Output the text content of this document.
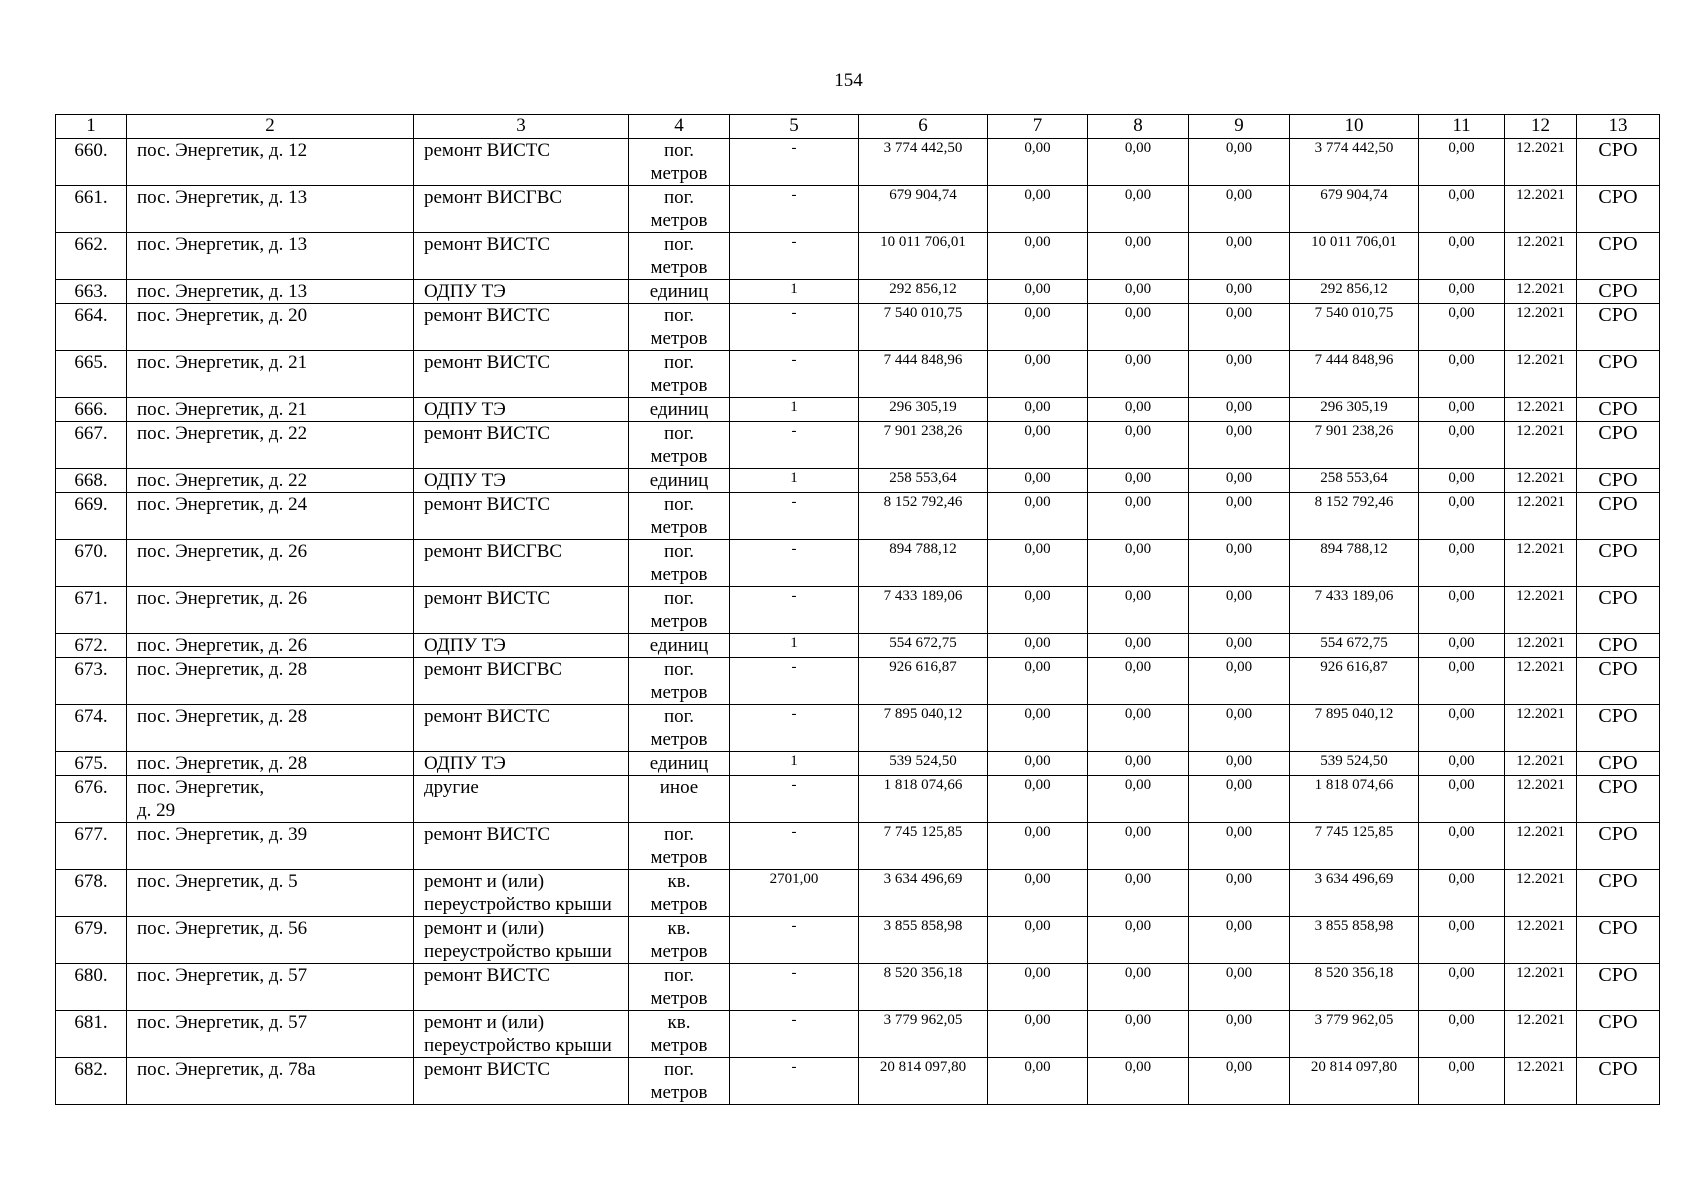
154
1	2	3	4	5	6	7	8	9	10	11	12	13
660.	пос. Энергетик, д. 12	ремонт ВИСТС	пог.
метров	-	3 774 442,50	0,00	0,00	0,00	3 774 442,50	0,00	12.2021	СРО
661.	пос. Энергетик, д. 13	ремонт ВИСГВС	пог.
метров	-	679 904,74	0,00	0,00	0,00	679 904,74	0,00	12.2021	СРО
662.	пос. Энергетик, д. 13	ремонт ВИСТС	пог.
метров	-	10 011 706,01	0,00	0,00	0,00	10 011 706,01	0,00	12.2021	СРО
663.	пос. Энергетик, д. 13	ОДПУ ТЭ	единиц	1	292 856,12	0,00	0,00	0,00	292 856,12	0,00	12.2021	СРО
664.	пос. Энергетик, д. 20	ремонт ВИСТС	пог.
метров	-	7 540 010,75	0,00	0,00	0,00	7 540 010,75	0,00	12.2021	СРО
665.	пос. Энергетик, д. 21	ремонт ВИСТС	пог.
метров	-	7 444 848,96	0,00	0,00	0,00	7 444 848,96	0,00	12.2021	СРО
666.	пос. Энергетик, д. 21	ОДПУ ТЭ	единиц	1	296 305,19	0,00	0,00	0,00	296 305,19	0,00	12.2021	СРО
667.	пос. Энергетик, д. 22	ремонт ВИСТС	пог.
метров	-	7 901 238,26	0,00	0,00	0,00	7 901 238,26	0,00	12.2021	СРО
668.	пос. Энергетик, д. 22	ОДПУ ТЭ	единиц	1	258 553,64	0,00	0,00	0,00	258 553,64	0,00	12.2021	СРО
669.	пос. Энергетик, д. 24	ремонт ВИСТС	пог.
метров	-	8 152 792,46	0,00	0,00	0,00	8 152 792,46	0,00	12.2021	СРО
670.	пос. Энергетик, д. 26	ремонт ВИСГВС	пог.
метров	-	894 788,12	0,00	0,00	0,00	894 788,12	0,00	12.2021	СРО
671.	пос. Энергетик, д. 26	ремонт ВИСТС	пог.
метров	-	7 433 189,06	0,00	0,00	0,00	7 433 189,06	0,00	12.2021	СРО
672.	пос. Энергетик, д. 26	ОДПУ ТЭ	единиц	1	554 672,75	0,00	0,00	0,00	554 672,75	0,00	12.2021	СРО
673.	пос. Энергетик, д. 28	ремонт ВИСГВС	пог.
метров	-	926 616,87	0,00	0,00	0,00	926 616,87	0,00	12.2021	СРО
674.	пос. Энергетик, д. 28	ремонт ВИСТС	пог.
метров	-	7 895 040,12	0,00	0,00	0,00	7 895 040,12	0,00	12.2021	СРО
675.	пос. Энергетик, д. 28	ОДПУ ТЭ	единиц	1	539 524,50	0,00	0,00	0,00	539 524,50	0,00	12.2021	СРО
676.	пос. Энергетик,
д. 29	другие	иное	-	1 818 074,66	0,00	0,00	0,00	1 818 074,66	0,00	12.2021	СРО
677.	пос. Энергетик, д. 39	ремонт ВИСТС	пог.
метров	-	7 745 125,85	0,00	0,00	0,00	7 745 125,85	0,00	12.2021	СРО
678.	пос. Энергетик, д. 5	ремонт и (или)
переустройство крыши	кв.
метров	2701,00	3 634 496,69	0,00	0,00	0,00	3 634 496,69	0,00	12.2021	СРО
679.	пос. Энергетик, д. 56	ремонт и (или)
переустройство крыши	кв.
метров	-	3 855 858,98	0,00	0,00	0,00	3 855 858,98	0,00	12.2021	СРО
680.	пос. Энергетик, д. 57	ремонт ВИСТС	пог.
метров	-	8 520 356,18	0,00	0,00	0,00	8 520 356,18	0,00	12.2021	СРО
681.	пос. Энергетик, д. 57	ремонт и (или)
переустройство крыши	кв.
метров	-	3 779 962,05	0,00	0,00	0,00	3 779 962,05	0,00	12.2021	СРО
682.	пос. Энергетик, д. 78а	ремонт ВИСТС	пог.
метров	-	20 814 097,80	0,00	0,00	0,00	20 814 097,80	0,00	12.2021	СРО
